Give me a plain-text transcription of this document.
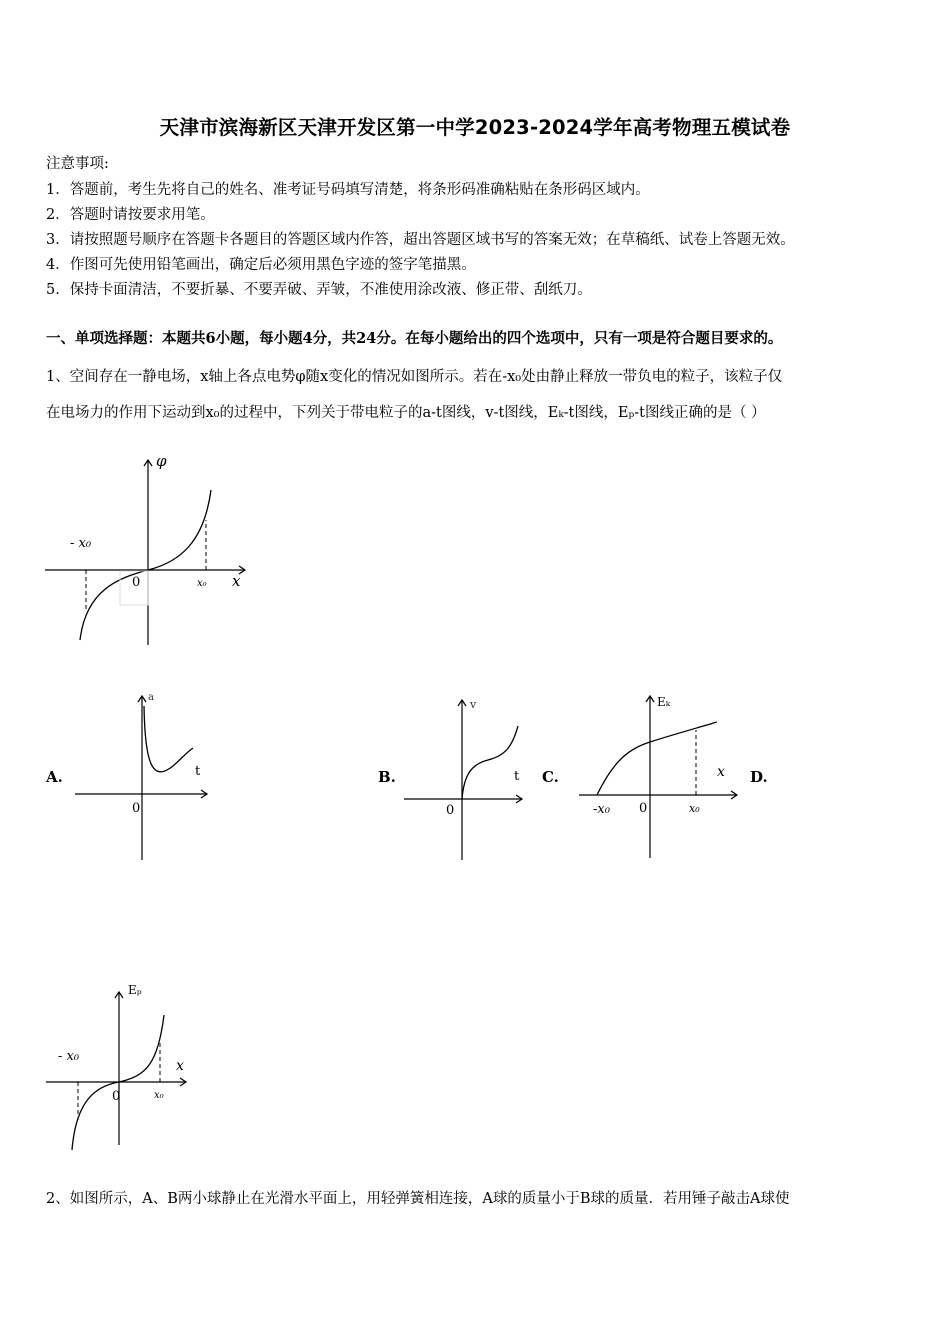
天津市滨海新区天津开发区第一中学2023-2024学年高考物理五模试卷
注意事项:
1．答题前，考生先将自己的姓名、准考证号码填写清楚，将条形码准确粘贴在条形码区域内。
2．答题时请按要求用笔。
3．请按照题号顺序在答题卡各题目的答题区域内作答，超出答题区域书写的答案无效；在草稿纸、试卷上答题无效。
4．作图可先使用铅笔画出，确定后必须用黑色字迹的签字笔描黑。
5．保持卡面清洁，不要折暴、不要弄破、弄皱，不准使用涂改液、修正带、刮纸刀。
一、单项选择题：本题共6小题，每小题4分，共24分。在每小题给出的四个选项中，只有一项是符合题目要求的。
1、空间存在一静电场，x轴上各点电势φ随x变化的情况如图所示。若在-x₀处由静止释放一带负电的粒子，该粒子仅
在电场力的作用下运动到x₀的过程中，下列关于带电粒子的a-t图线，v-t图线，Eₖ-t图线，Eₚ-t图线正确的是（ ）
φ
x
0
- x₀
x₀
A.
a
t
0
B.
v
t
0
C.
Eₖ
x
0
-x₀	x₀
D.
Eₚ
x
0
- x₀
x₀
2、如图所示，A、B两小球静止在光滑水平面上，用轻弹簧相连接，A球的质量小于B球的质量．若用锤子敲击A球使
